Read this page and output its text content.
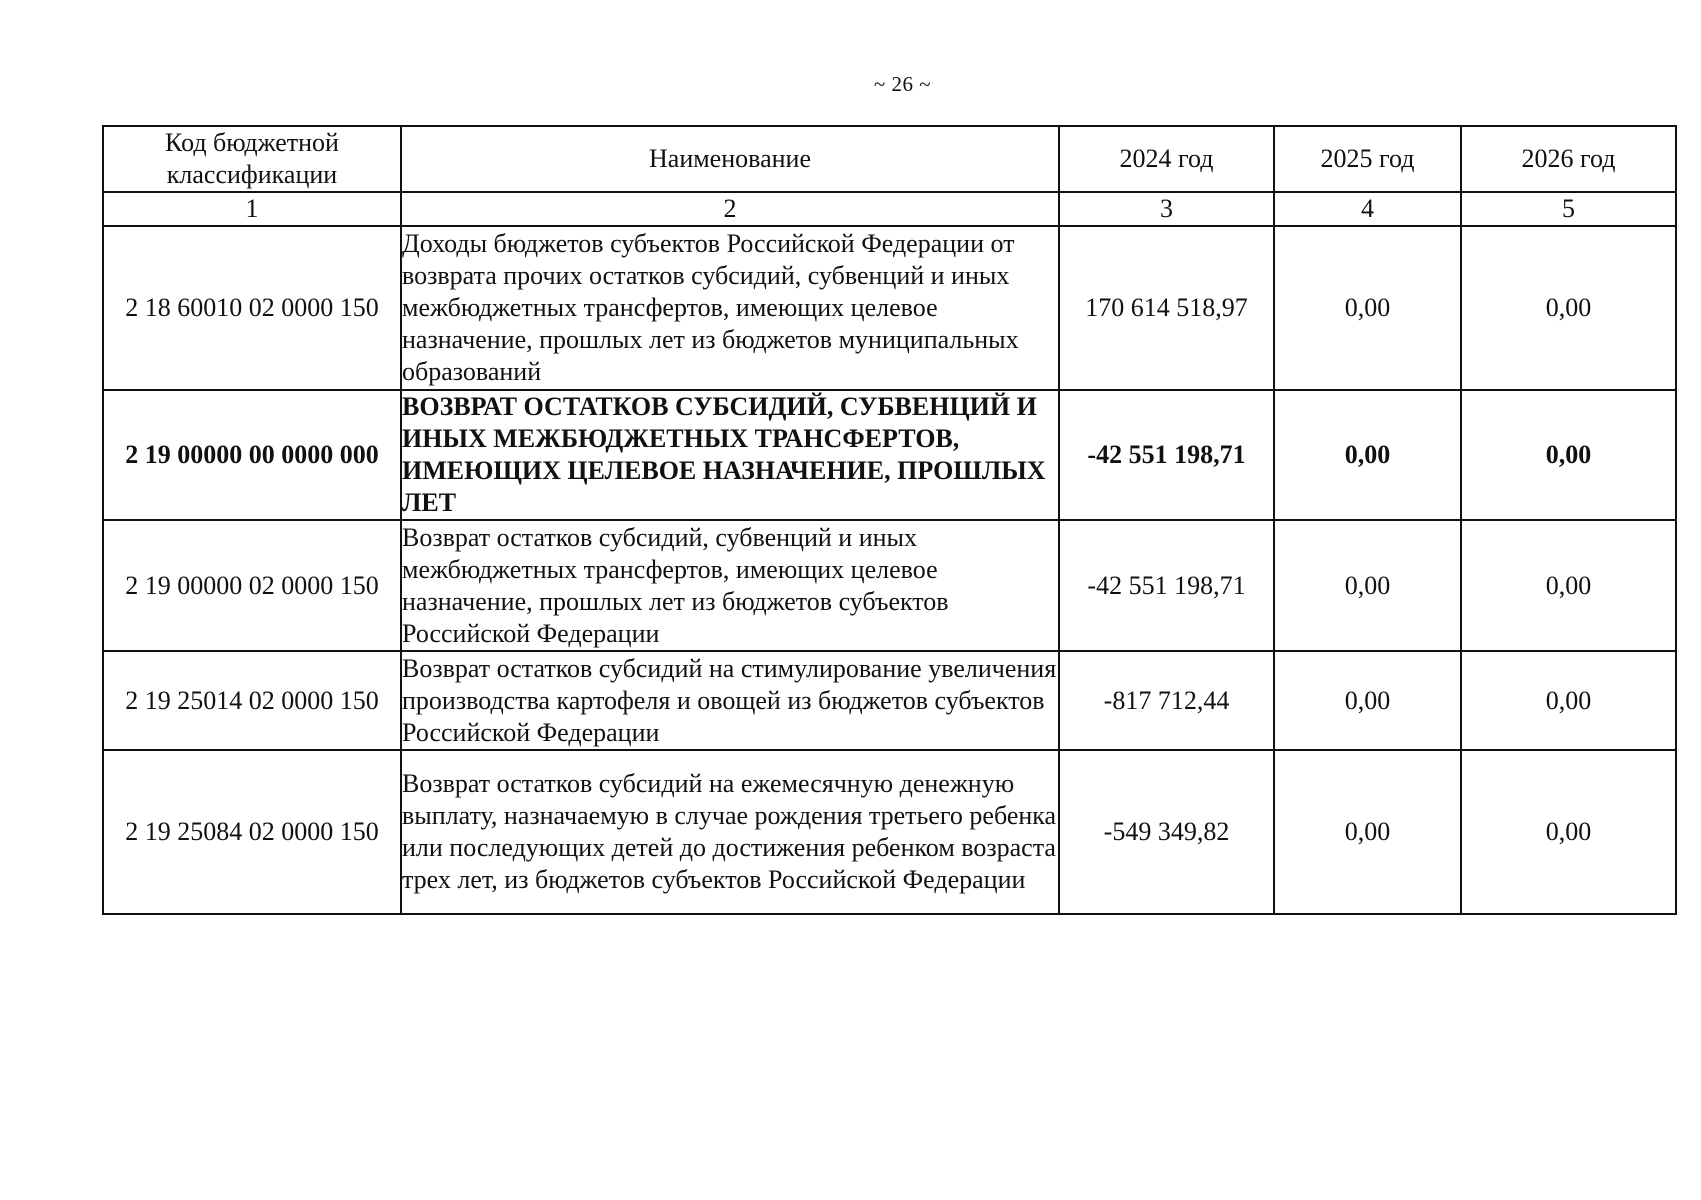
~ 26 ~
Код бюджетной классификации	Наименование	2024 год	2025 год	2026 год
1	2	3	4	5
2 18 60010 02 0000 150	Доходы бюджетов субъектов Российской Федерации от возврата прочих остатков субсидий, субвенций и иных межбюджетных трансфертов, имеющих целевое назначение, прошлых лет из бюджетов муниципальных образований	170 614 518,97	0,00	0,00
2 19 00000 00 0000 000	ВОЗВРАТ ОСТАТКОВ СУБСИДИЙ, СУБВЕНЦИЙ И ИНЫХ МЕЖБЮДЖЕТНЫХ ТРАНСФЕРТОВ, ИМЕЮЩИХ ЦЕЛЕВОЕ НАЗНАЧЕНИЕ, ПРОШЛЫХ ЛЕТ	-42 551 198,71	0,00	0,00
2 19 00000 02 0000 150	Возврат остатков субсидий, субвенций и иных межбюджетных трансфертов, имеющих целевое назначение, прошлых лет из бюджетов субъектов Российской Федерации	-42 551 198,71	0,00	0,00
2 19 25014 02 0000 150	Возврат остатков субсидий на стимулирование увеличения производства картофеля и овощей из бюджетов субъектов Российской Федерации	-817 712,44	0,00	0,00
2 19 25084 02 0000 150	Возврат остатков субсидий на ежемесячную денежную выплату, назначаемую в случае рождения третьего ребенка или последующих детей до достижения ребенком возраста трех лет, из бюджетов субъектов Российской Федерации	-549 349,82	0,00	0,00
